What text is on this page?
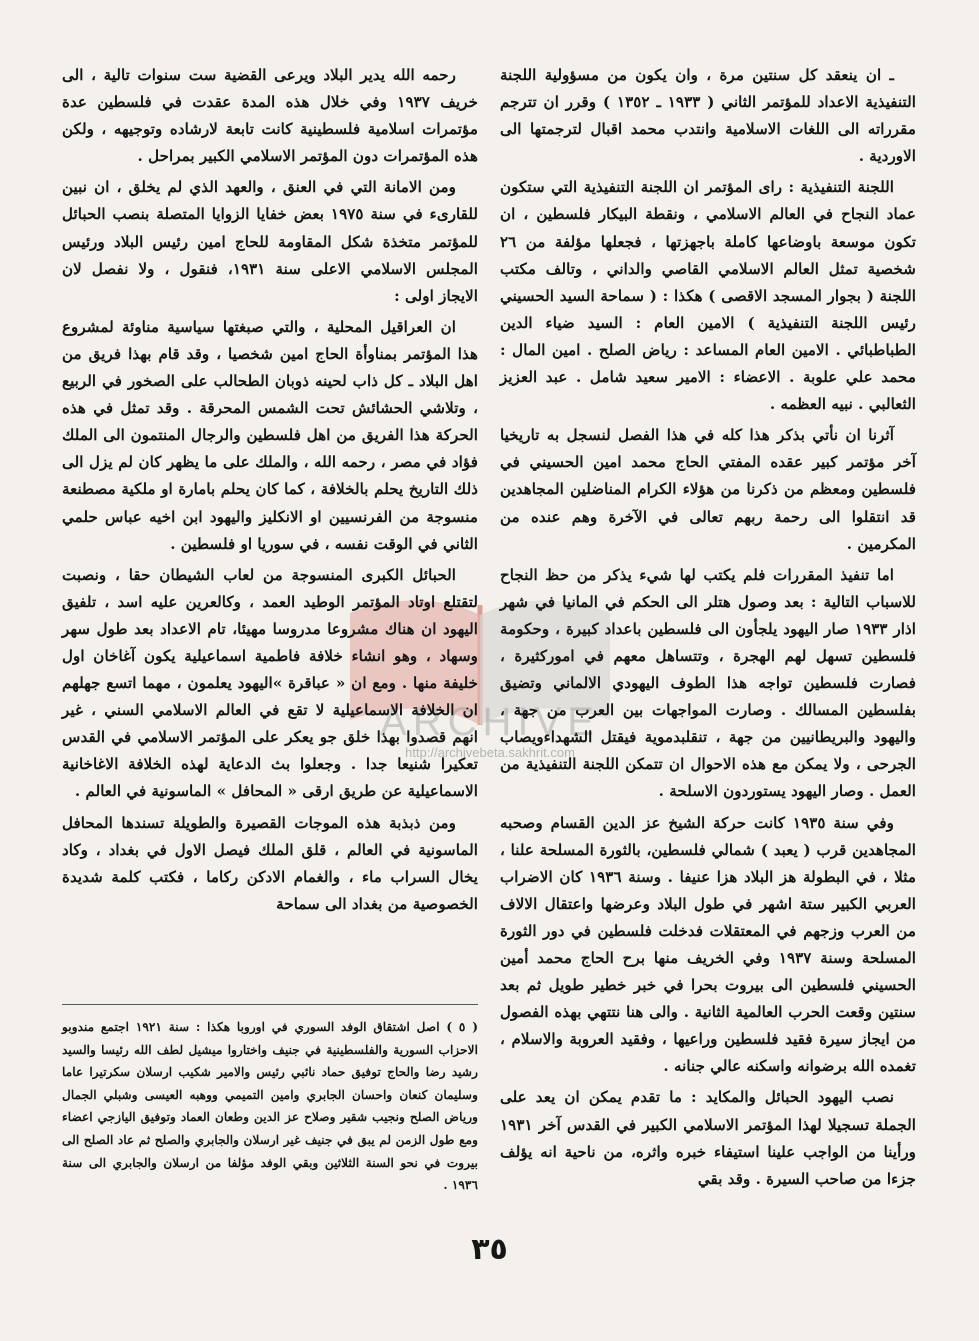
ARCHIVE
http://archivebeta.sakhrit.com

ـ ان ينعقد كل سنتين مرة ، وان يكون من مسؤولية اللجنة التنفيذية الاعداد للمؤتمر الثاني ( ١٩٣٣ ـ ١٣٥٢ ) وقرر ان تترجم مقرراته الى اللغات الاسلامية وانتدب محمد اقبال لترجمتها الى الاوردية .

اللجنة التنفيذية : راى المؤتمر ان اللجنة التنفيذية التي ستكون عماد النجاح في العالم الاسلامي ، ونقطة البيكار فلسطين ، ان تكون موسعة باوضاعها كاملة باجهزتها ، فجعلها مؤلفة من ٢٦ شخصية تمثل العالم الاسلامي القاصي والداني ، وتالف مكتب اللجنة ( بجوار المسجد الاقصى ) هكذا : ( سماحة السيد الحسيني رئيس اللجنة التنفيذية ) الامين العام : السيد ضياء الدين الطباطبائي . الامين العام المساعد : رياض الصلح . امين المال : محمد علي علوبة . الاعضاء : الامير سعيد شامل . عبد العزيز الثعالبي . نبيه العظمه .

آثرنا ان نأتي بذكر هذا كله في هذا الفصل لنسجل به تاريخيا آخر مؤتمر كبير عقده المفتي الحاج محمد امين الحسيني في فلسطين ومعظم من ذكرنا من هؤلاء الكرام المناضلين المجاهدين قد انتقلوا الى رحمة ربهم تعالى في الآخرة وهم عنده من المكرمين .

اما تنفيذ المقررات فلم يكتب لها شيء يذكر من حظ النجاح للاسباب التالية : بعد وصول هتلر الى الحكم في المانيا في شهر اذار ١٩٣٣ صار اليهود يلجأون الى فلسطين باعداد كبيرة ، وحكومة فلسطين تسهل لهم الهجرة ، وتتساهل معهم في اموركثيرة ، فصارت فلسطين تواجه هذا الطوف اليهودي الالماني وتضيق بفلسطين المسالك . وصارت المواجهات بين العرب من جهة ، واليهود والبريطانيين من جهة ، تنقلبدموية فيقتل الشهداءويصاب الجرحى ، ولا يمكن مع هذه الاحوال ان تتمكن اللجنة التنفيذية من العمل . وصار اليهود يستوردون الاسلحة .

وفي سنة ١٩٣٥ كانت حركة الشيخ عز الدين القسام وصحبه المجاهدين قرب ( يعبد ) شمالي فلسطين، بالثورة المسلحة علنا ، مثلا ، في البطولة هز البلاد هزا عنيفا . وسنة ١٩٣٦ كان الاضراب العربي الكبير ستة اشهر في طول البلاد وعرضها واعتقال الالاف من العرب وزجهم في المعتقلات فدخلت فلسطين في دور الثورة المسلحة وسنة ١٩٣٧ وفي الخريف منها برح الحاج محمد أمين الحسيني فلسطين الى بيروت بحرا في خبر خطير طويل ثم بعد سنتين وقعت الحرب العالمية الثانية . والى هنا نتتهي بهذه الفصول من ايجاز سيرة فقيد فلسطين وراعيها ، وفقيد العروبة والاسلام ، تغمده الله برضوانه واسكنه عالي جنانه .

نصب اليهود الحبائل والمكايد : ما تقدم يمكن ان يعد على الجملة تسجيلا لهذا المؤتمر الاسلامي الكبير في القدس آخر ١٩٣١ ورأينا من الواجب علينا استيفاء خبره واثره، من ناحية انه يؤلف جزءا من صاحب السيرة . وقد بقي

رحمه الله يدير البلاد ويرعى القضية ست سنوات تالية ، الى خريف ١٩٣٧ وفي خلال هذه المدة عقدت في فلسطين عدة مؤتمرات اسلامية فلسطينية كانت تابعة لارشاده وتوجيهه ، ولكن هذه المؤتمرات دون المؤتمر الاسلامي الكبير بمراحل .

ومن الامانة التي في العنق ، والعهد الذي لم يخلق ، ان نبين للقارىء في سنة ١٩٧٥ بعض خفايا الزوايا المتصلة بنصب الحبائل للمؤتمر متخذة شكل المقاومة للحاج امين رئيس البلاد ورئيس المجلس الاسلامي الاعلى سنة ١٩٣١، فنقول ، ولا نفصل لان الايجاز اولى :

ان العراقيل المحلية ، والتي صبغتها سياسية مناوئة لمشروع هذا المؤتمر بمناوأة الحاج امين شخصيا ، وقد قام بهذا فريق من اهل البلاد ـ كل ذاب لحينه ذوبان الطحالب على الصخور في الربيع ، وتلاشي الحشائش تحت الشمس المحرقة . وقد تمثل في هذه الحركة هذا الفريق من اهل فلسطين والرجال المنتمون الى الملك فؤاد في مصر ، رحمه الله ، والملك على ما يظهر كان لم يزل الى ذلك التاريخ يحلم بالخلافة ، كما كان يحلم بامارة او ملكية مصطنعة منسوجة من الفرنسيين او الانكليز واليهود ابن اخيه عباس حلمي الثاني في الوقت نفسه ، في سوريا او فلسطين .

الحبائل الكبرى المنسوجة من لعاب الشيطان حقا ، ونصبت لتقتلع اوتاد المؤتمر الوطيد العمد ، وكالعرين عليه اسد ، تلفيق اليهود ان هناك مشروعا مدروسا مهيئا، تام الاعداد بعد طول سهر وسهاد ، وهو انشاء خلافة فاطمية اسماعيلية يكون آغاخان اول خليفة منها . ومع ان « عباقرة »اليهود يعلمون ، مهما اتسع جهلهم ان الخلافة الاسماعيلية لا تقع في العالم الاسلامي السني ، غير انهم قصدوا بهذا خلق جو يعكر على المؤتمر الاسلامي في القدس تعكيرا شنيعا جدا . وجعلوا بث الدعاية لهذه الخلافة الاغاخانية الاسماعيلية عن طريق ارقى « المحافل » الماسونية في العالم .

ومن ذبذبة هذه الموجات القصيرة والطويلة تسندها المحافل الماسونية في العالم ، قلق الملك فيصل الاول في بغداد ، وكاد يخال السراب ماء ، والغمام الادكن ركاما ، فكتب كلمة شديدة الخصوصية من بغداد الى سماحة

( ٥ ) اصل اشتقاق الوفد السوري في اوروبا هكذا : سنة ١٩٢١ اجتمع مندوبو الاحزاب السورية والفلسطينية في جنيف واختاروا ميشيل لطف الله رئيسا والسيد رشيد رضا والحاج توفيق حماد نائبي رئيس والامير شكيب ارسلان سكرتيرا عاما وسليمان كنعان واحسان الجابري وامين التميمي ووهبه العيسى وشبلي الجمال ورياض الصلح ونجيب شقير وصلاح عز الدين وطعان العماد وتوفيق اليازجي اعضاء ومع طول الزمن لم يبق في جنيف غير ارسلان والجابري والصلح ثم عاد الصلح الى بيروت في نحو السنة الثلاثين وبقي الوفد مؤلفا من ارسلان والجابري الى سنة ١٩٣٦ .
٣٥
